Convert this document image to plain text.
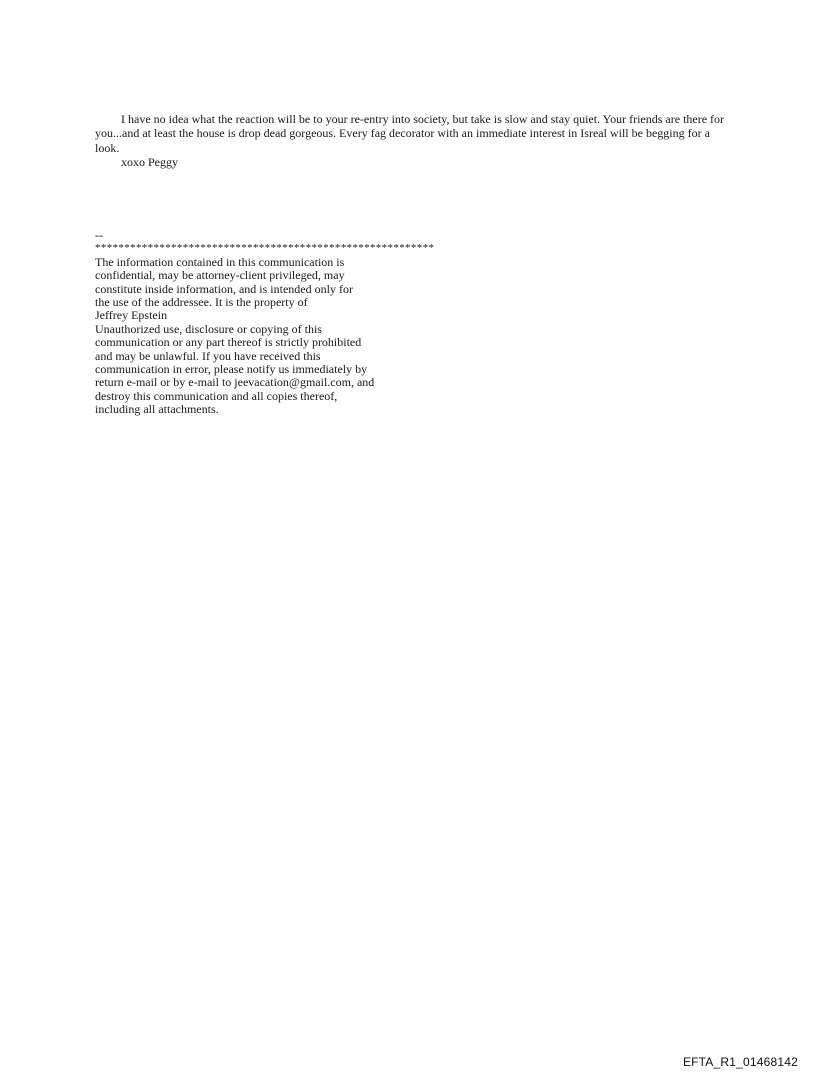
I have no idea what the reaction will be to your re-entry into society, but take is slow and stay quiet. Your friends are there for you...and at least the house is drop dead gorgeous. Every fag decorator with an immediate interest in Isreal will be begging for a look.

xoxo Peggy
--
**********************************************************
The information contained in this communication is
confidential, may be attorney-client privileged, may
constitute inside information, and is intended only for
the use of the addressee. It is the property of
Jeffrey Epstein
Unauthorized use, disclosure or copying of this
communication or any part thereof is strictly prohibited
and may be unlawful. If you have received this
communication in error, please notify us immediately by
return e-mail or by e-mail to jeevacation@gmail.com, and
destroy this communication and all copies thereof,
including all attachments.
EFTA_R1_01468142
